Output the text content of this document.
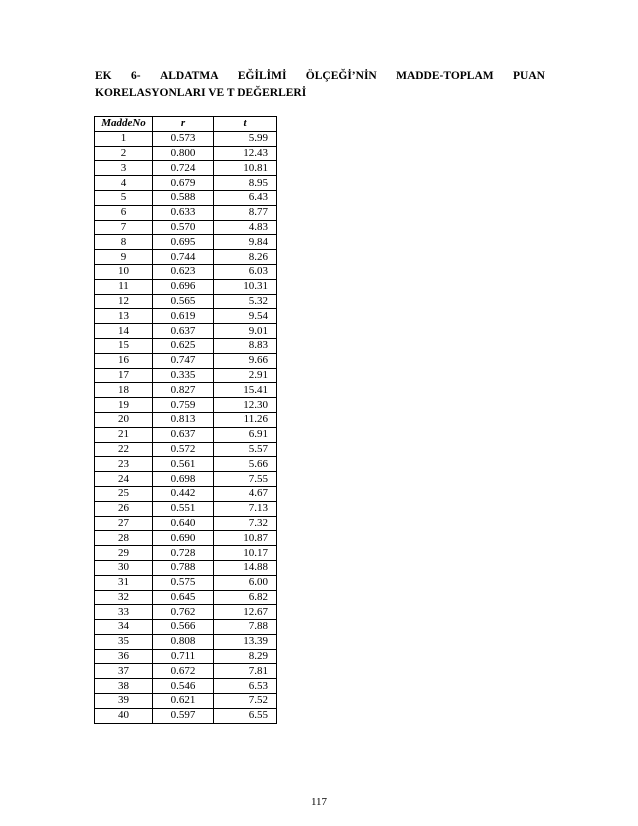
EK 6- ALDATMA EĞİLİMİ ÖLÇEĞİ’NİN MADDE-TOPLAM PUAN
KORELASYONLARI VE T DEĞERLERİ
MaddeNo	r	t
1	0.573	5.99
2	0.800	12.43
3	0.724	10.81
4	0.679	8.95
5	0.588	6.43
6	0.633	8.77
7	0.570	4.83
8	0.695	9.84
9	0.744	8.26
10	0.623	6.03
11	0.696	10.31
12	0.565	5.32
13	0.619	9.54
14	0.637	9.01
15	0.625	8.83
16	0.747	9.66
17	0.335	2.91
18	0.827	15.41
19	0.759	12.30
20	0.813	11.26
21	0.637	6.91
22	0.572	5.57
23	0.561	5.66
24	0.698	7.55
25	0.442	4.67
26	0.551	7.13
27	0.640	7.32
28	0.690	10.87
29	0.728	10.17
30	0.788	14.88
31	0.575	6.00
32	0.645	6.82
33	0.762	12.67
34	0.566	7.88
35	0.808	13.39
36	0.711	8.29
37	0.672	7.81
38	0.546	6.53
39	0.621	7.52
40	0.597	6.55
117
